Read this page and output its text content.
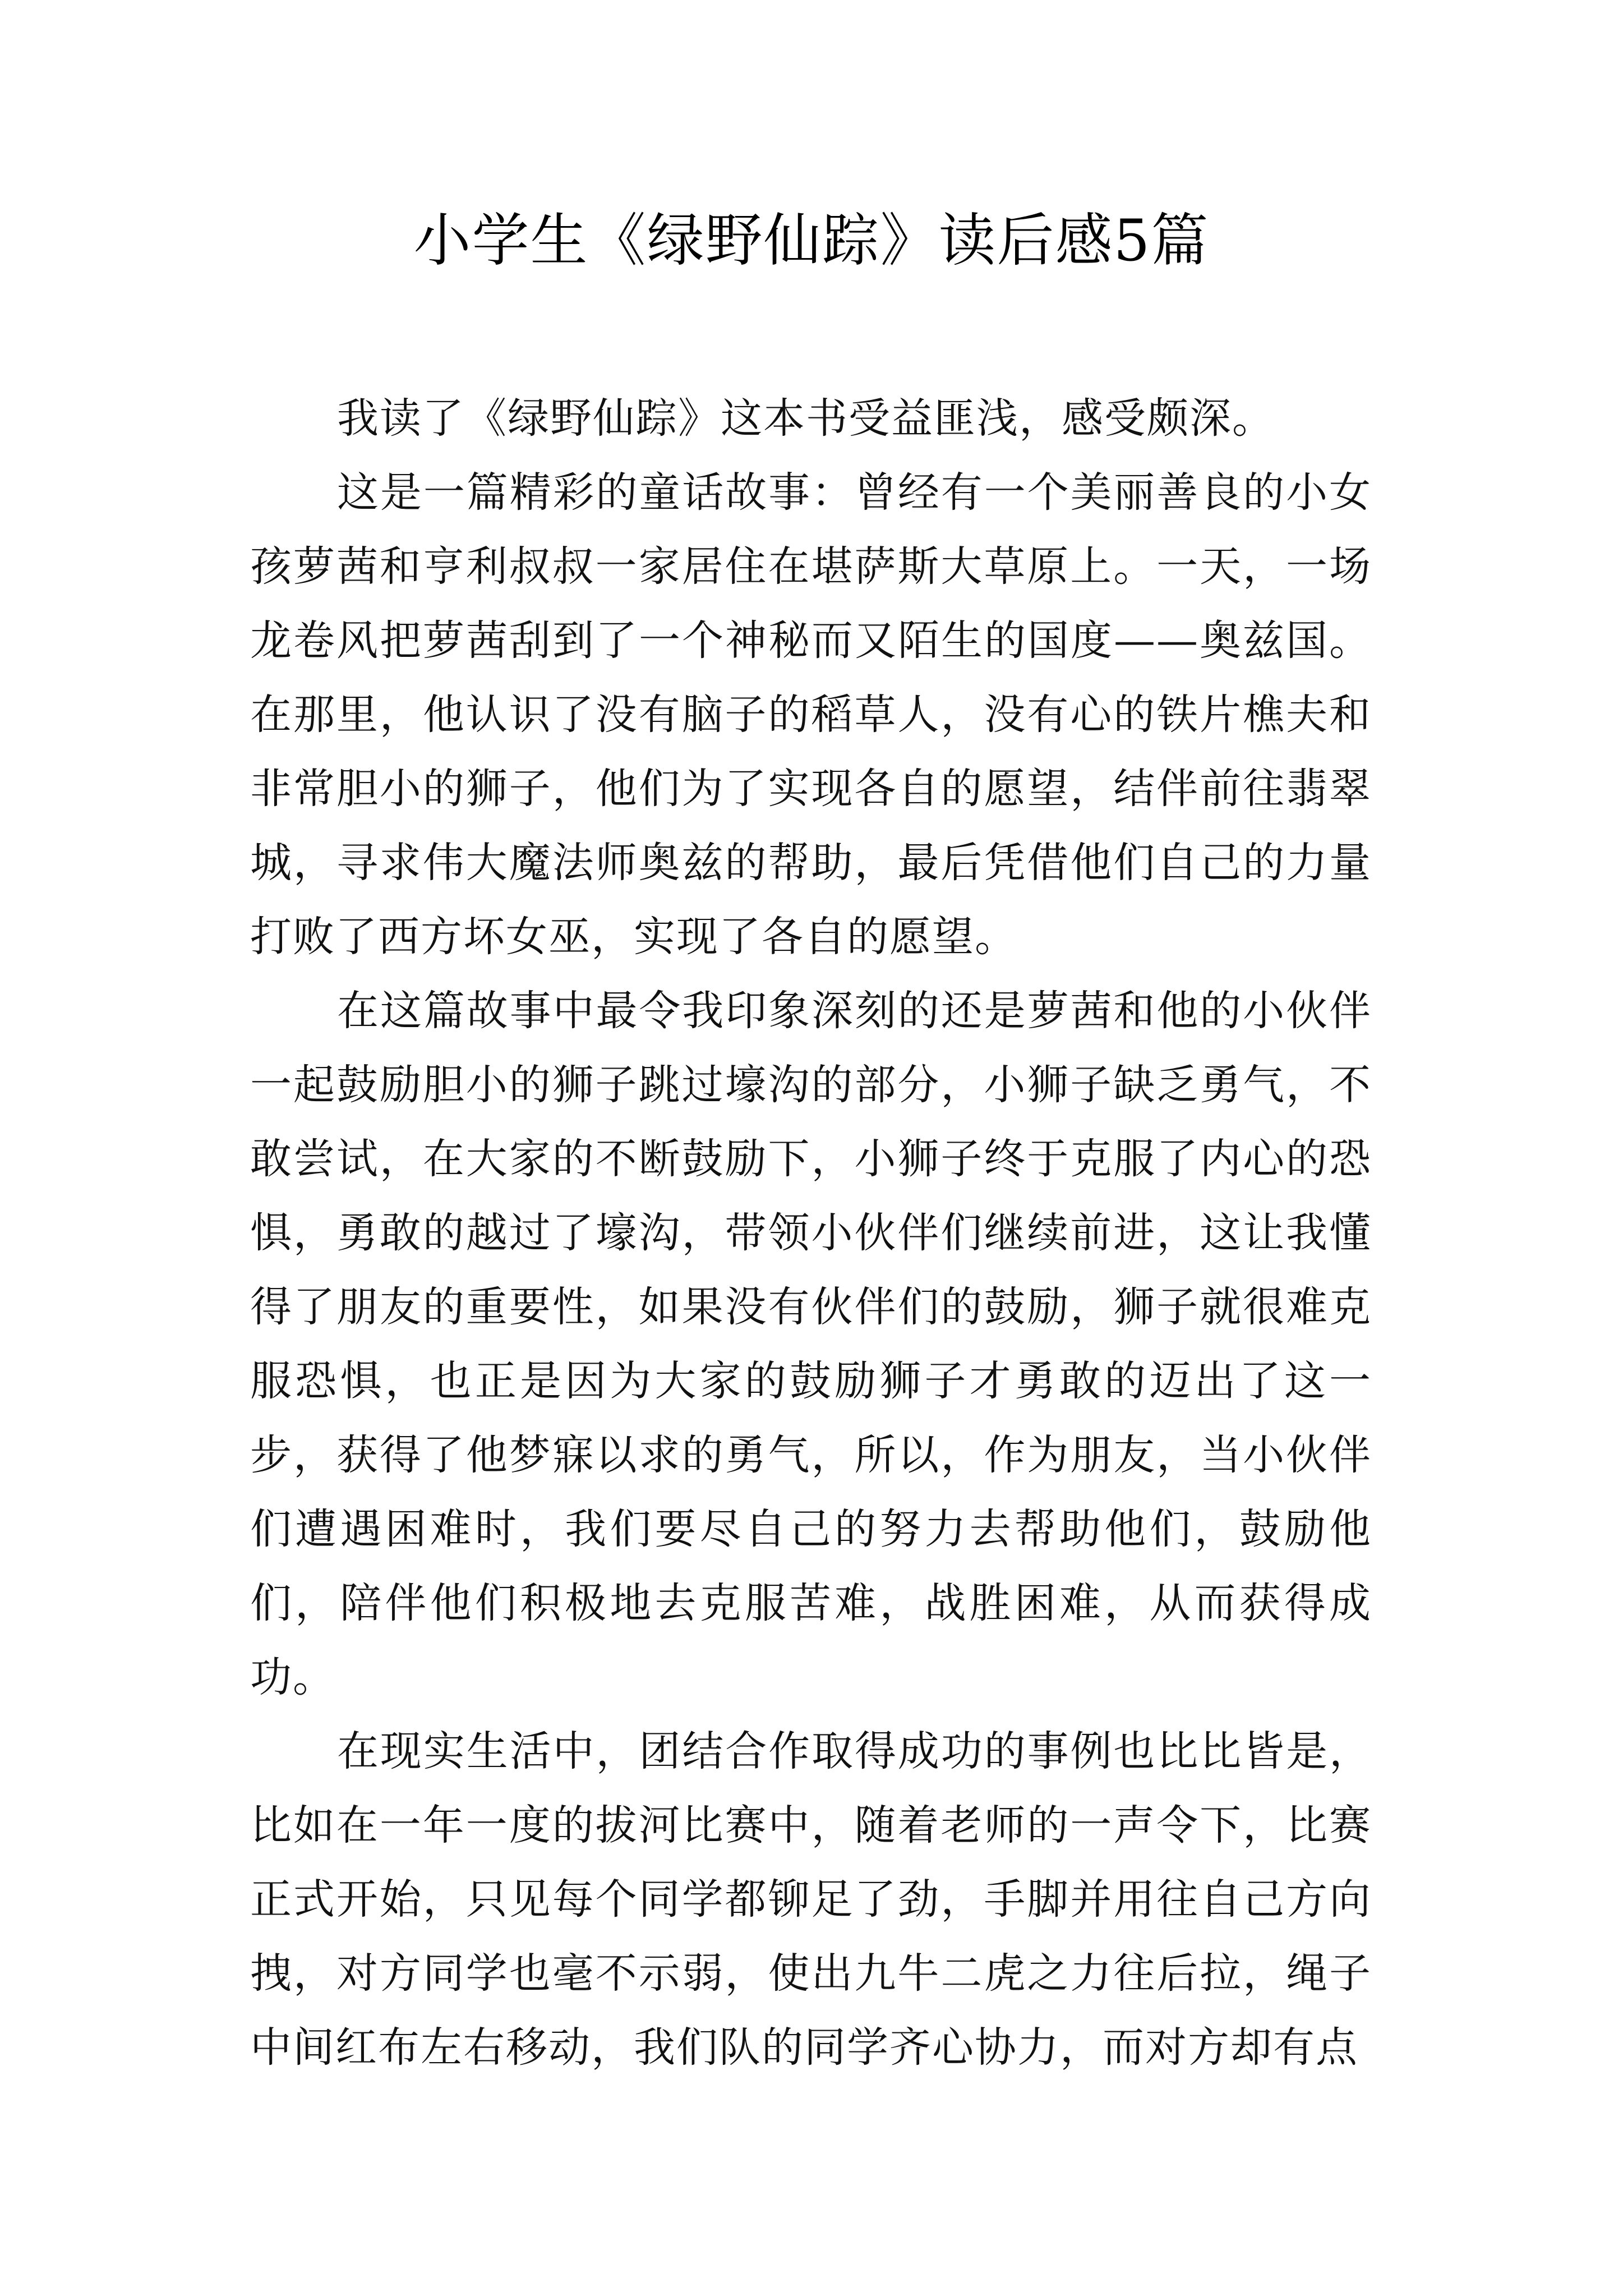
小学生《绿野仙踪》读后感5篇

我读了《绿野仙踪》这本书受益匪浅，感受颇深。

这是一篇精彩的童话故事：曾经有一个美丽善良的小女孩萝茜和亨利叔叔一家居住在堪萨斯大草原上。一天，一场龙卷风把萝茜刮到了一个神秘而又陌生的国度——奥兹国。在那里，他认识了没有脑子的稻草人，没有心的铁片樵夫和非常胆小的狮子，他们为了实现各自的愿望，结伴前往翡翠城，寻求伟大魔法师奥兹的帮助，最后凭借他们自己的力量打败了西方坏女巫，实现了各自的愿望。

在这篇故事中最令我印象深刻的还是萝茜和他的小伙伴一起鼓励胆小的狮子跳过壕沟的部分，小狮子缺乏勇气，不敢尝试，在大家的不断鼓励下，小狮子终于克服了内心的恐惧，勇敢的越过了壕沟，带领小伙伴们继续前进，这让我懂得了朋友的重要性，如果没有伙伴们的鼓励，狮子就很难克服恐惧，也正是因为大家的鼓励狮子才勇敢的迈出了这一步，获得了他梦寐以求的勇气，所以，作为朋友，当小伙伴们遭遇困难时，我们要尽自己的努力去帮助他们，鼓励他们，陪伴他们积极地去克服苦难，战胜困难，从而获得成功。

在现实生活中，团结合作取得成功的事例也比比皆是，比如在一年一度的拔河比赛中，随着老师的一声令下，比赛正式开始，只见每个同学都铆足了劲，手脚并用往自己方向拽，对方同学也毫不示弱，使出九牛二虎之力往后拉，绳子中间红布左右移动，我们队的同学齐心协力，而对方却有点
